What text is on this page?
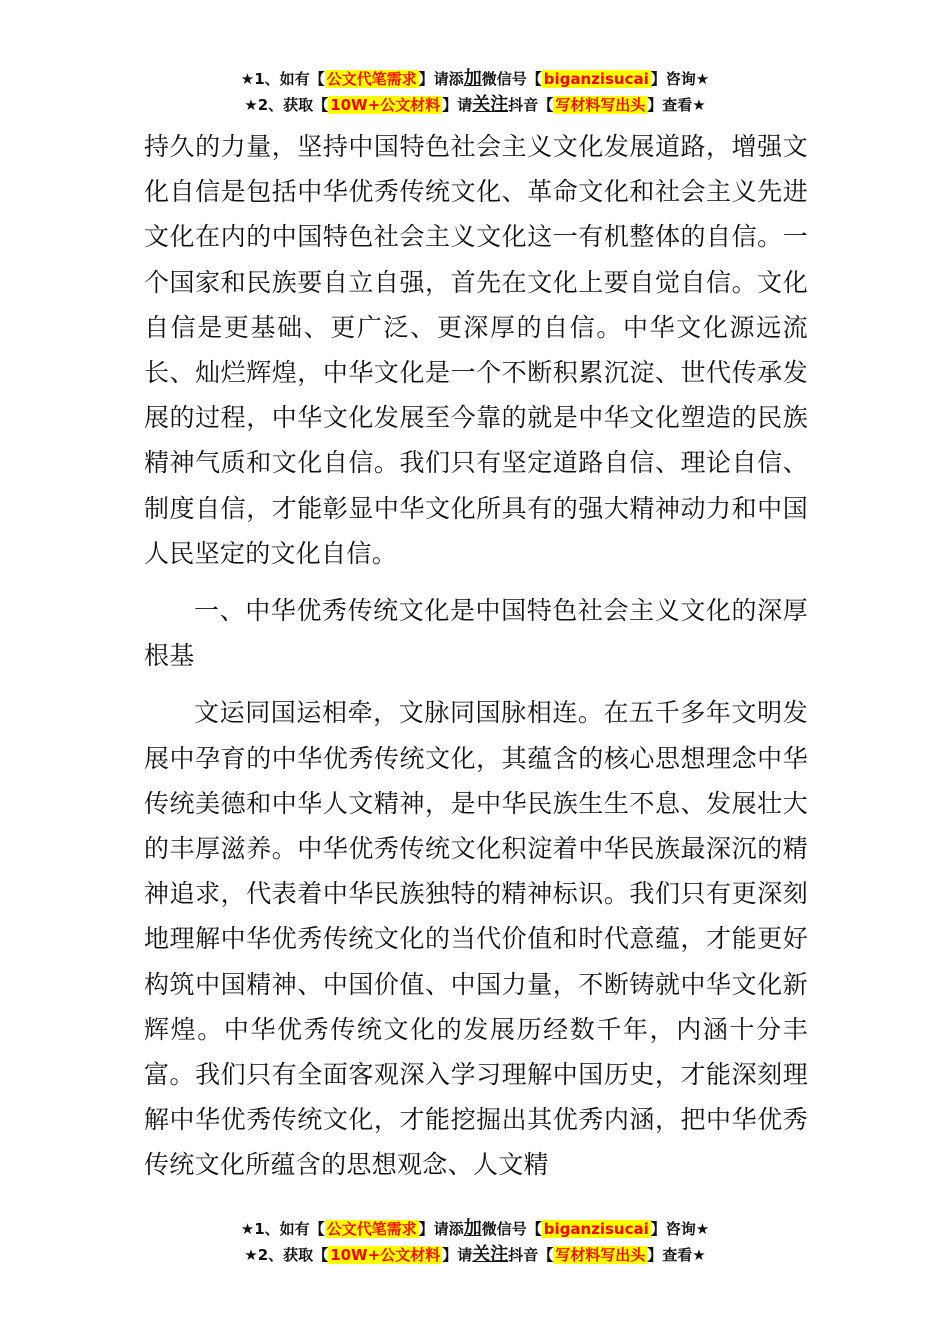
★1、如有【 公文代笔需求 】请添加微信号【 biganzisucai 】咨询★
★2、获取【 10W+公文材料 】请关注抖音【 写材料写出头 】查看★

持久的力量，坚持中国特色社会主义文化发展道路，增强文化自信是包括中华优秀传统文化、革命文化和社会主义先进文化在内的中国特色社会主义文化这一有机整体的自信。一个国家和民族要自立自强，首先在文化上要自觉自信。文化自信是更基础、更广泛、更深厚的自信。中华文化源远流长、灿烂辉煌，中华文化是一个不断积累沉淀、世代传承发展的过程，中华文化发展至今靠的就是中华文化塑造的民族精神气质和文化自信。我们只有坚定道路自信、理论自信、制度自信，才能彰显中华文化所具有的强大精神动力和中国人民坚定的文化自信。

一、中华优秀传统文化是中国特色社会主义文化的深厚根基

文运同国运相牵，文脉同国脉相连。在五千多年文明发展中孕育的中华优秀传统文化，其蕴含的核心思想理念中华传统美德和中华人文精神，是中华民族生生不息、发展壮大的丰厚滋养。中华优秀传统文化积淀着中华民族最深沉的精神追求，代表着中华民族独特的精神标识。我们只有更深刻地理解中华优秀传统文化的当代价值和时代意蕴，才能更好构筑中国精神、中国价值、中国力量，不断铸就中华文化新辉煌。中华优秀传统文化的发展历经数千年，内涵十分丰富。我们只有全面客观深入学习理解中国历史，才能深刻理解中华优秀传统文化，才能挖掘出其优秀内涵，把中华优秀传统文化所蕴含的思想观念、人文精

★1、如有【 公文代笔需求 】请添加微信号【 biganzisucai 】咨询★
★2、获取【 10W+公文材料 】请关注抖音【 写材料写出头 】查看★
